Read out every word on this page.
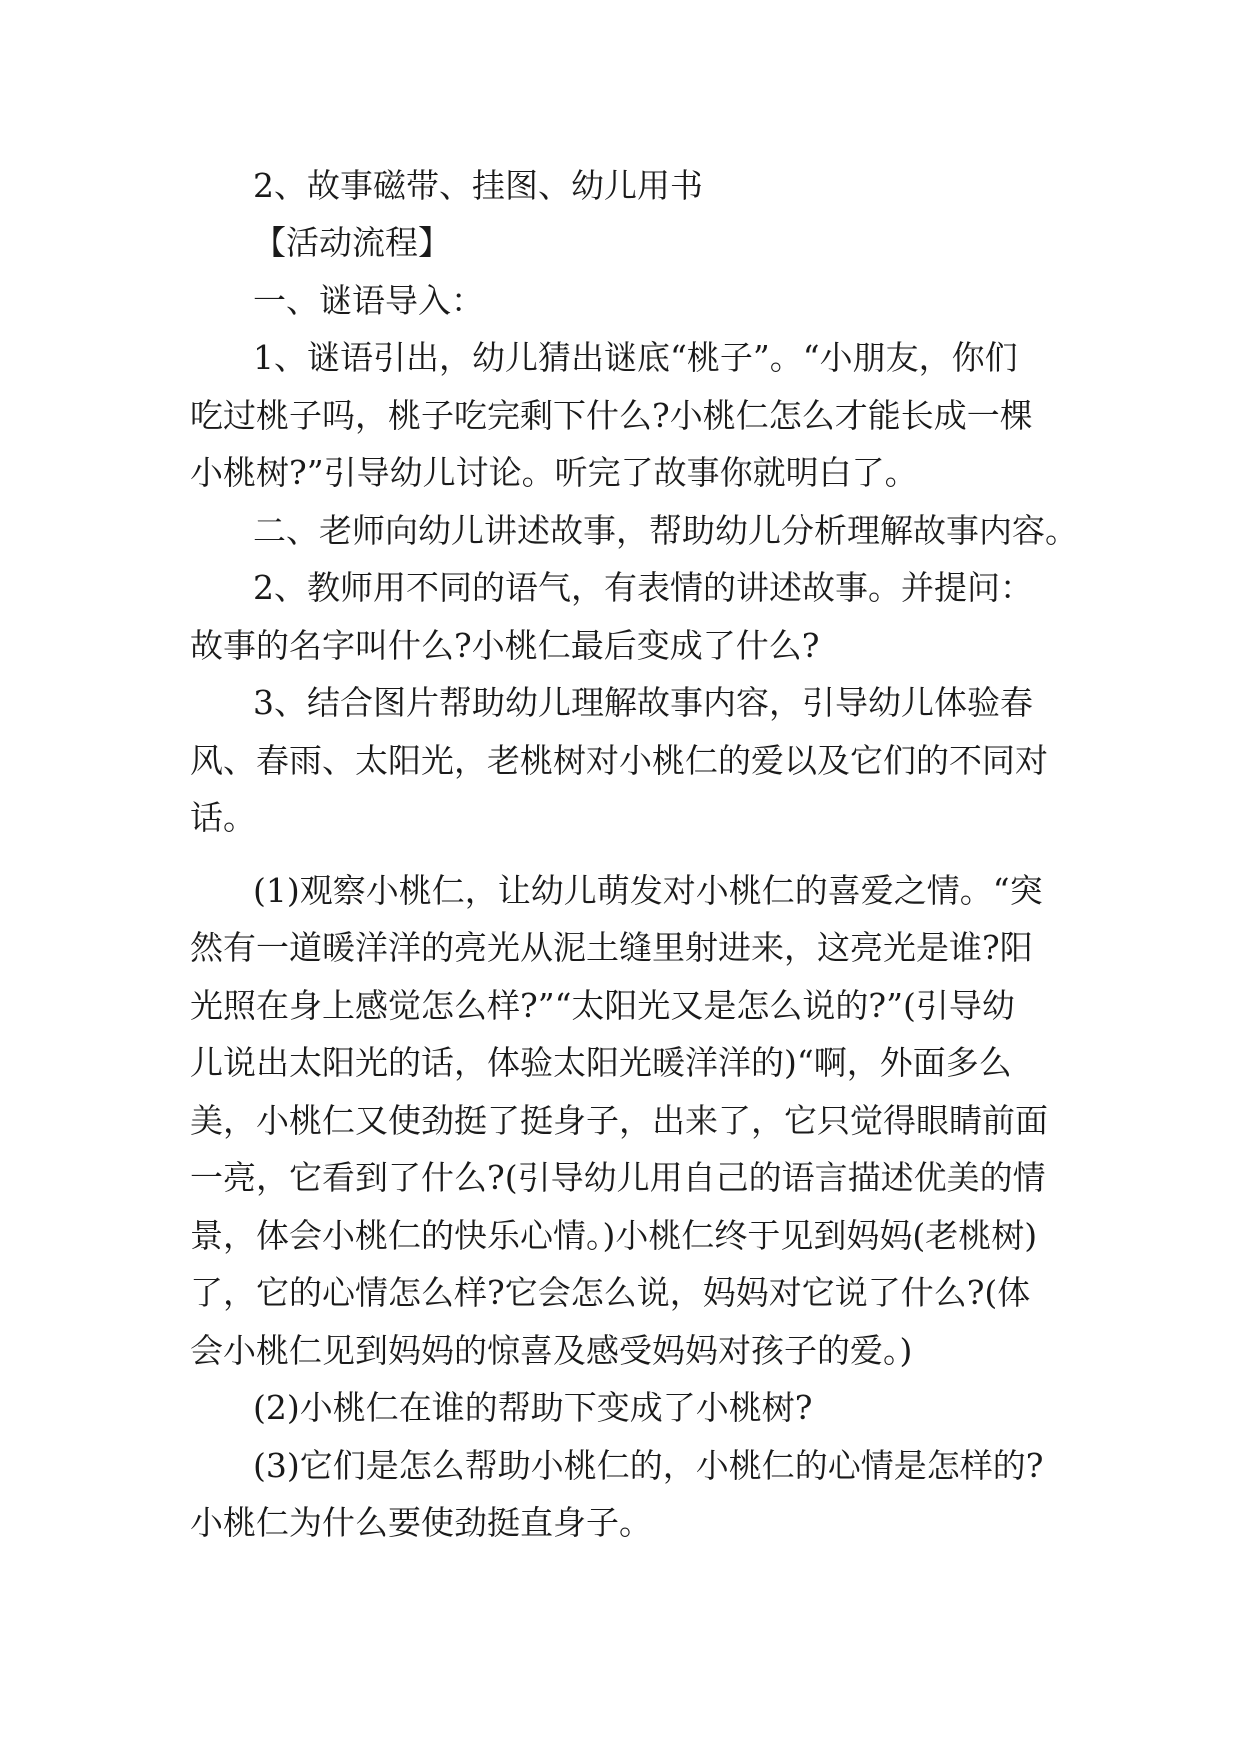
2、故事磁带、挂图、幼儿用书
【活动流程】
一、谜语导入：
1、谜语引出，幼儿猜出谜底“桃子”。“小朋友，你们
吃过桃子吗，桃子吃完剩下什么?小桃仁怎么才能长成一棵
小桃树?”引导幼儿讨论。听完了故事你就明白了。
二、老师向幼儿讲述故事，帮助幼儿分析理解故事内容。
2、教师用不同的语气，有表情的讲述故事。并提问：
故事的名字叫什么?小桃仁最后变成了什么?
3、结合图片帮助幼儿理解故事内容，引导幼儿体验春
风、春雨、太阳光，老桃树对小桃仁的爱以及它们的不同对
话。
(1)观察小桃仁，让幼儿萌发对小桃仁的喜爱之情。“突
然有一道暖洋洋的亮光从泥土缝里射进来，这亮光是谁?阳
光照在身上感觉怎么样?”“太阳光又是怎么说的?”(引导幼
儿说出太阳光的话，体验太阳光暖洋洋的)“啊，外面多么
美，小桃仁又使劲挺了挺身子，出来了，它只觉得眼睛前面
一亮，它看到了什么?(引导幼儿用自己的语言描述优美的情
景，体会小桃仁的快乐心情。)小桃仁终于见到妈妈(老桃树)
了，它的心情怎么样?它会怎么说，妈妈对它说了什么?(体
会小桃仁见到妈妈的惊喜及感受妈妈对孩子的爱。)
(2)小桃仁在谁的帮助下变成了小桃树?
(3)它们是怎么帮助小桃仁的，小桃仁的心情是怎样的?
小桃仁为什么要使劲挺直身子。
